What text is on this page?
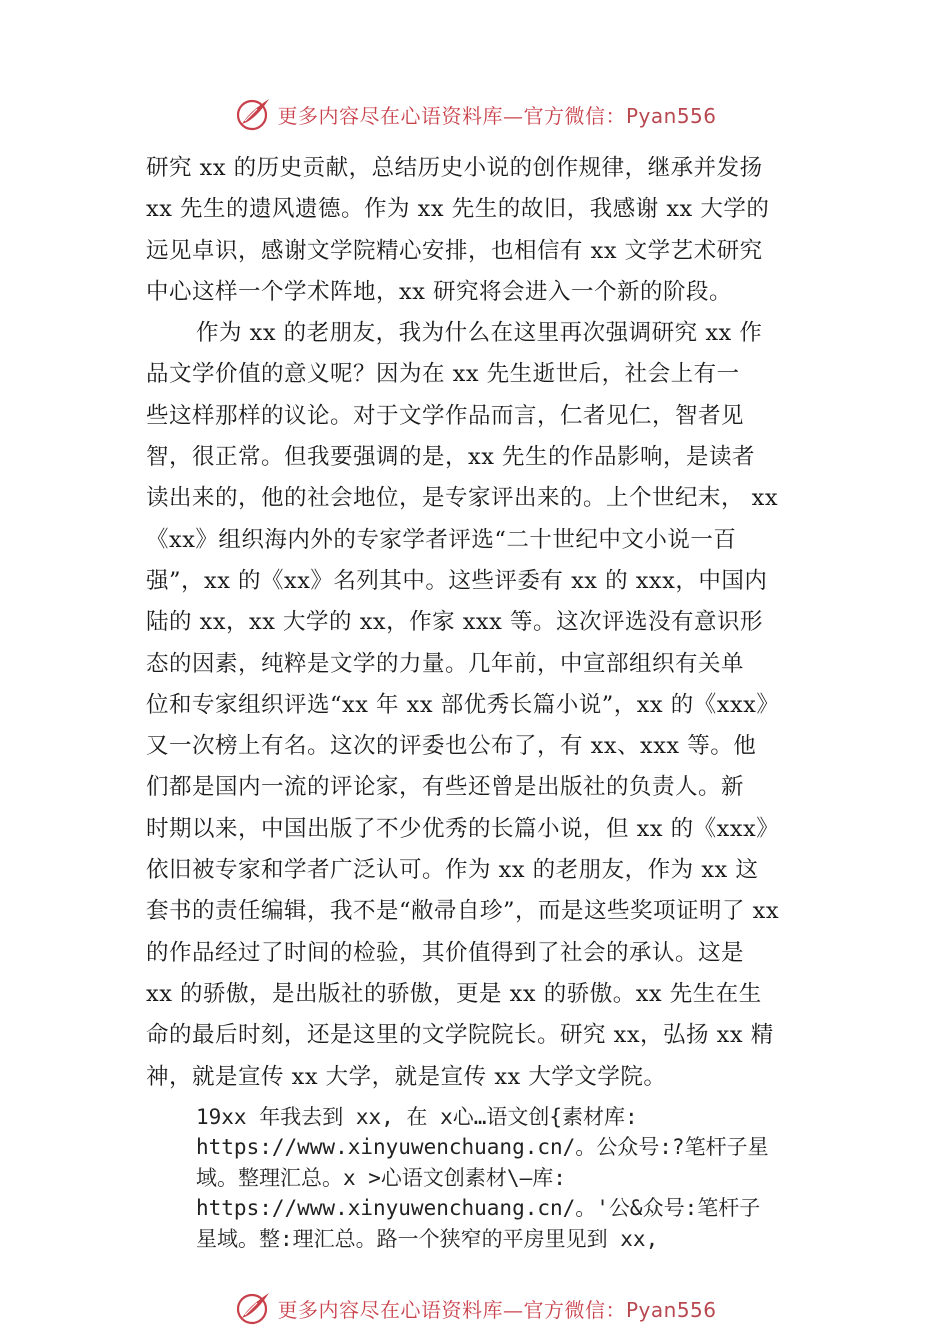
更多内容尽在心语资料库—官方微信：Pyan556
研究 xx 的历史贡献，总结历史小说的创作规律，继承并发扬
xx 先生的遗风遗德。作为 xx 先生的故旧，我感谢 xx 大学的
远见卓识，感谢文学院精心安排，也相信有 xx 文学艺术研究
中心这样一个学术阵地，xx 研究将会进入一个新的阶段。
作为 xx 的老朋友，我为什么在这里再次强调研究 xx 作
品文学价值的意义呢？因为在 xx 先生逝世后，社会上有一
些这样那样的议论。对于文学作品而言，仁者见仁，智者见
智，很正常。但我要强调的是，xx 先生的作品影响，是读者
读出来的，他的社会地位，是专家评出来的。上个世纪末， xx
《xx》组织海内外的专家学者评选“二十世纪中文小说一百
强”，xx 的《xx》名列其中。这些评委有 xx 的 xxx，中国内
陆的 xx，xx 大学的 xx，作家 xxx 等。这次评选没有意识形
态的因素，纯粹是文学的力量。几年前，中宣部组织有关单
位和专家组织评选“xx 年 xx 部优秀长篇小说”，xx 的《xxx》
又一次榜上有名。这次的评委也公布了，有 xx、xxx 等。他
们都是国内一流的评论家，有些还曾是出版社的负责人。新
时期以来，中国出版了不少优秀的长篇小说，但 xx 的《xxx》
依旧被专家和学者广泛认可。作为 xx 的老朋友，作为 xx 这
套书的责任编辑，我不是“敝帚自珍”，而是这些奖项证明了 xx
的作品经过了时间的检验，其价值得到了社会的承认。这是
xx 的骄傲，是出版社的骄傲，更是 xx 的骄傲。xx 先生在生
命的最后时刻，还是这里的文学院院长。研究 xx，弘扬 xx 精
神，就是宣传 xx 大学，就是宣传 xx 大学文学院。
19xx 年我去到 xx, 在 x心…语文创{素材库:
https://www.xinyuwenchuang.cn/。公众号:?笔杆子星
域。整理汇总。x >心语文创素材\—库:
https://www.xinyuwenchuang.cn/。'公&众号:笔杆子
星域。整:理汇总。路一个狭窄的平房里见到 xx,
更多内容尽在心语资料库—官方微信：Pyan556
